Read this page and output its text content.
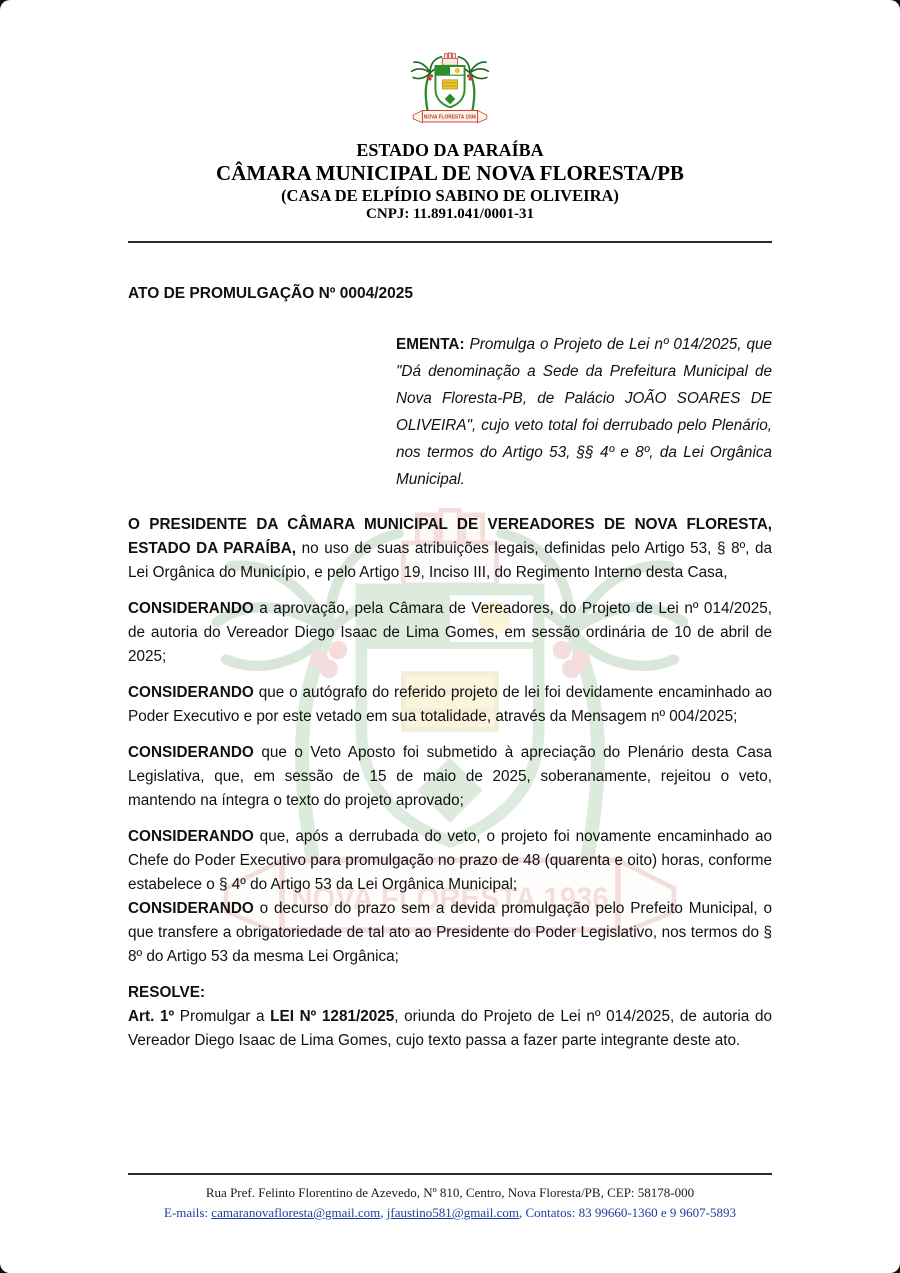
ESTADO DA PARAÍBA
CÂMARA MUNICIPAL DE NOVA FLORESTA/PB
(CASA DE ELPÍDIO SABINO DE OLIVEIRA)
CNPJ: 11.891.041/0001-31

ATO DE PROMULGAÇÃO Nº 0004/2025

EMENTA: Promulga o Projeto de Lei nº 014/2025, que "Dá denominação a Sede da Prefeitura Municipal de Nova Floresta-PB, de Palácio JOÃO SOARES DE OLIVEIRA", cujo veto total foi derrubado pelo Plenário, nos termos do Artigo 53, §§ 4º e 8º, da Lei Orgânica Municipal.

O PRESIDENTE DA CÂMARA MUNICIPAL DE VEREADORES DE NOVA FLORESTA, ESTADO DA PARAÍBA, no uso de suas atribuições legais, definidas pelo Artigo 53, § 8º, da Lei Orgânica do Município, e pelo Artigo 19, Inciso III, do Regimento Interno desta Casa,

CONSIDERANDO a aprovação, pela Câmara de Vereadores, do Projeto de Lei nº 014/2025, de autoria do Vereador Diego Isaac de Lima Gomes, em sessão ordinária de 10 de abril de 2025;

CONSIDERANDO que o autógrafo do referido projeto de lei foi devidamente encaminhado ao Poder Executivo e por este vetado em sua totalidade, através da Mensagem nº 004/2025;

CONSIDERANDO que o Veto Aposto foi submetido à apreciação do Plenário desta Casa Legislativa, que, em sessão de 15 de maio de 2025, soberanamente, rejeitou o veto, mantendo na íntegra o texto do projeto aprovado;

CONSIDERANDO que, após a derrubada do veto, o projeto foi novamente encaminhado ao Chefe do Poder Executivo para promulgação no prazo de 48 (quarenta e oito) horas, conforme estabelece o § 4º do Artigo 53 da Lei Orgânica Municipal;

CONSIDERANDO o decurso do prazo sem a devida promulgação pelo Prefeito Municipal, o que transfere a obrigatoriedade de tal ato ao Presidente do Poder Legislativo, nos termos do § 8º do Artigo 53 da mesma Lei Orgânica;

RESOLVE:

Art. 1º Promulgar a LEI Nº 1281/2025, oriunda do Projeto de Lei nº 014/2025, de autoria do Vereador Diego Isaac de Lima Gomes, cujo texto passa a fazer parte integrante deste ato.

Rua Pref. Felinto Florentino de Azevedo, Nº 810, Centro, Nova Floresta/PB, CEP: 58178-000
E-mails: camaranovafloresta@gmail.com, jfaustino581@gmail.com, Contatos: 83 99660-1360 e 9 9607-5893
